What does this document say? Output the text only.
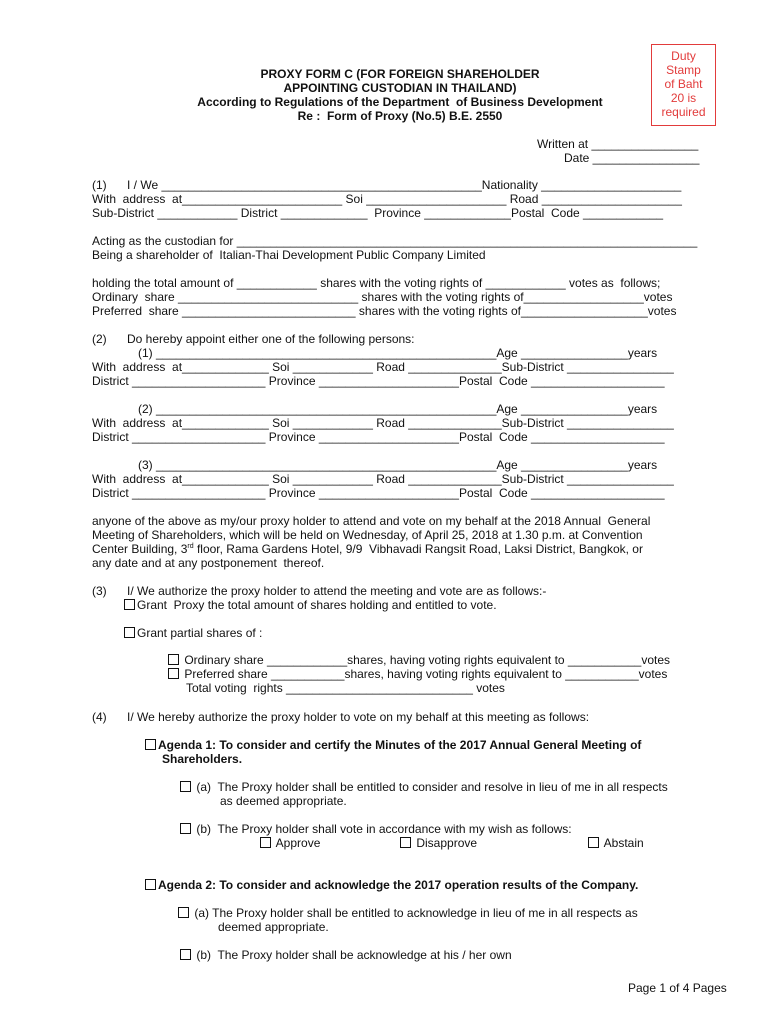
Duty
Stamp
of Baht
20 is
required
PROXY FORM C (FOR FOREIGN SHAREHOLDER
APPOINTING CUSTODIAN IN THAILAND)
According to Regulations of the Department  of Business Development
Re :  Form of Proxy (No.5) B.E. 2550
Written at ________________
Date ________________
(1) I / We ________________________________________________Nationality _____________________
With  address  at________________________ Soi _____________________ Road _____________________
Sub-District ____________ District _____________  Province _____________Postal  Code ____________
Acting as the custodian for _____________________________________________________________________
Being a shareholder of  Italian-Thai Development Public Company Limited
holding the total amount of ____________ shares with the voting rights of ____________ votes as  follows;
Ordinary  share ___________________________ shares with the voting rights of__________________votes
Preferred  share __________________________ shares with the voting rights of___________________votes
(2) Do hereby appoint either one of the following persons:
(1) ___________________________________________________Age ________________years
With  address  at_____________ Soi ____________ Road ______________Sub-District ________________
District ____________________ Province _____________________Postal  Code ____________________
(2) ___________________________________________________Age ________________years
With  address  at_____________ Soi ____________ Road ______________Sub-District ________________
District ____________________ Province _____________________Postal  Code ____________________
(3) ___________________________________________________Age ________________years
With  address  at_____________ Soi ____________ Road ______________Sub-District ________________
District ____________________ Province _____________________Postal  Code ____________________
anyone of the above as my/our proxy holder to attend and vote on my behalf at the 2018 Annual  General
Meeting of Shareholders, which will be held on Wednesday, of April 25, 2018 at 1.30 p.m. at Convention
Center Building, 3rd floor, Rama Gardens Hotel, 9/9  Vibhavadi Rangsit Road, Laksi District, Bangkok, or
any date and at any postponement  thereof.
(3) I/ We authorize the proxy holder to attend the meeting and vote are as follows:-
Grant  Proxy the total amount of shares holding and entitled to vote.
Grant partial shares of :
Ordinary share ____________shares, having voting rights equivalent to ___________votes
Preferred share ___________shares, having voting rights equivalent to ___________votes
Total voting  rights ____________________________ votes
(4) I/ We hereby authorize the proxy holder to vote on my behalf at this meeting as follows:
Agenda 1: To consider and certify the Minutes of the 2017 Annual General Meeting of
Shareholders.
(a)  The Proxy holder shall be entitled to consider and resolve in lieu of me in all respects
as deemed appropriate.
(b)  The Proxy holder shall vote in accordance with my wish as follows:
Approve	Disapprove	Abstain
Agenda 2: To consider and acknowledge the 2017 operation results of the Company.
(a) The Proxy holder shall be entitled to acknowledge in lieu of me in all respects as
deemed appropriate.
(b)  The Proxy holder shall be acknowledge at his / her own
Page 1 of 4 Pages
